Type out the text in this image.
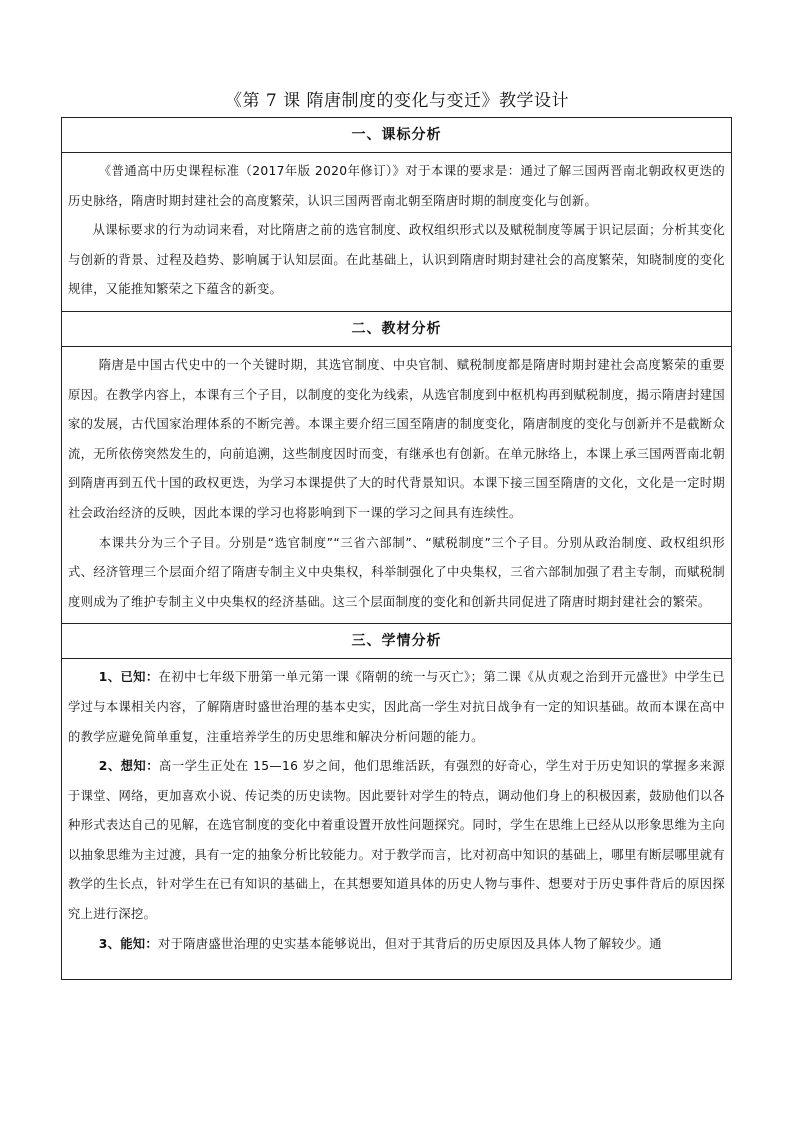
《第 7 课 隋唐制度的变化与变迁》教学设计
一、课标分析

《普通高中历史课程标准（2017年版 2020年修订）》对于本课的要求是：通过了解三国两晋南北朝政权更迭的历史脉络，隋唐时期封建社会的高度繁荣，认识三国两晋南北朝至隋唐时期的制度变化与创新。

从课标要求的行为动词来看，对比隋唐之前的选官制度、政权组织形式以及赋税制度等属于识记层面；分析其变化与创新的背景、过程及趋势、影响属于认知层面。在此基础上，认识到隋唐时期封建社会的高度繁荣，知晓制度的变化规律，又能推知繁荣之下蕴含的新变。

二、教材分析

隋唐是中国古代史中的一个关键时期，其选官制度、中央官制、赋税制度都是隋唐时期封建社会高度繁荣的重要原因。在教学内容上，本课有三个子目，以制度的变化为线索，从选官制度到中枢机构再到赋税制度，揭示隋唐封建国家的发展，古代国家治理体系的不断完善。本课主要介绍三国至隋唐的制度变化，隋唐制度的变化与创新并不是截断众流，无所依傍突然发生的，向前追溯，这些制度因时而变，有继承也有创新。在单元脉络上，本课上承三国两晋南北朝到隋唐再到五代十国的政权更迭，为学习本课提供了大的时代背景知识。本课下接三国至隋唐的文化，文化是一定时期社会政治经济的反映，因此本课的学习也将影响到下一课的学习之间具有连续性。

本课共分为三个子目。分别是“选官制度”“三省六部制”、“赋税制度”三个子目。分别从政治制度、政权组织形式、经济管理三个层面介绍了隋唐专制主义中央集权，科举制强化了中央集权，三省六部制加强了君主专制，而赋税制度则成为了维护专制主义中央集权的经济基础。这三个层面制度的变化和创新共同促进了隋唐时期封建社会的繁荣。

三、学情分析

1、已知：在初中七年级下册第一单元第一课《隋朝的统一与灭亡》；第二课《从贞观之治到开元盛世》中学生已学过与本课相关内容，了解隋唐时盛世治理的基本史实，因此高一学生对抗日战争有一定的知识基础。故而本课在高中的教学应避免简单重复，注重培养学生的历史思维和解决分析问题的能力。

2、想知：高一学生正处在 15—16 岁之间，他们思维活跃，有强烈的好奇心，学生对于历史知识的掌握多来源于课堂、网络，更加喜欢小说、传记类的历史读物。因此要针对学生的特点，调动他们身上的积极因素，鼓励他们以各种形式表达自己的见解，在选官制度的变化中着重设置开放性问题探究。同时，学生在思维上已经从以形象思维为主向以抽象思维为主过渡，具有一定的抽象分析比较能力。对于教学而言，比对初高中知识的基础上，哪里有断层哪里就有教学的生长点，针对学生在已有知识的基础上，在其想要知道具体的历史人物与事件、想要对于历史事件背后的原因探究上进行深挖。

3、能知：对于隋唐盛世治理的史实基本能够说出，但对于其背后的历史原因及具体人物了解较少。通
